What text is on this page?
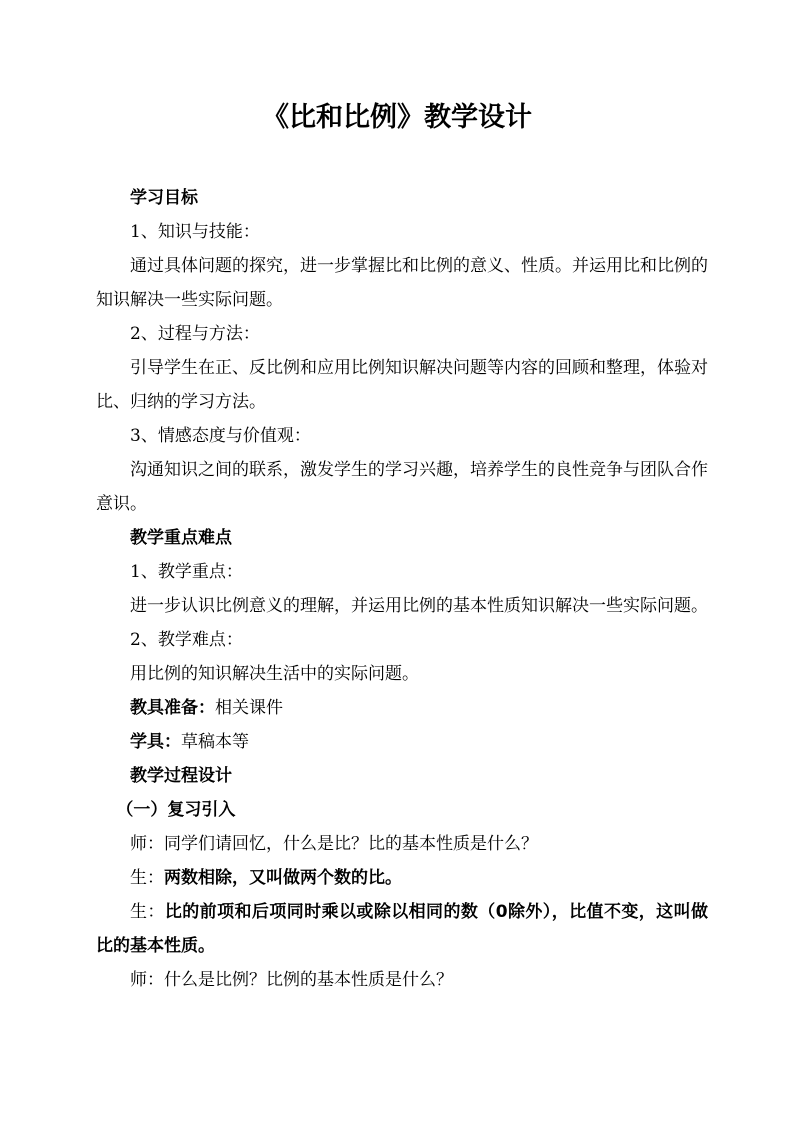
《比和比例》教学设计

学习目标

1、知识与技能：

通过具体问题的探究，进一步掌握比和比例的意义、性质。并运用比和比例的知识解决一些实际问题。

2、过程与方法：

引导学生在正、反比例和应用比例知识解决问题等内容的回顾和整理，体验对比、归纳的学习方法。

3、情感态度与价值观：

沟通知识之间的联系，激发学生的学习兴趣，培养学生的良性竞争与团队合作意识。

教学重点难点

1、教学重点：

进一步认识比例意义的理解，并运用比例的基本性质知识解决一些实际问题。

2、教学难点：

用比例的知识解决生活中的实际问题。

教具准备：相关课件

学具：草稿本等

教学过程设计

（一）复习引入

师：同学们请回忆，什么是比？比的基本性质是什么？

生：两数相除，又叫做两个数的比。

生：比的前项和后项同时乘以或除以相同的数（0除外），比值不变，这叫做比的基本性质。

师：什么是比例？比例的基本性质是什么？
